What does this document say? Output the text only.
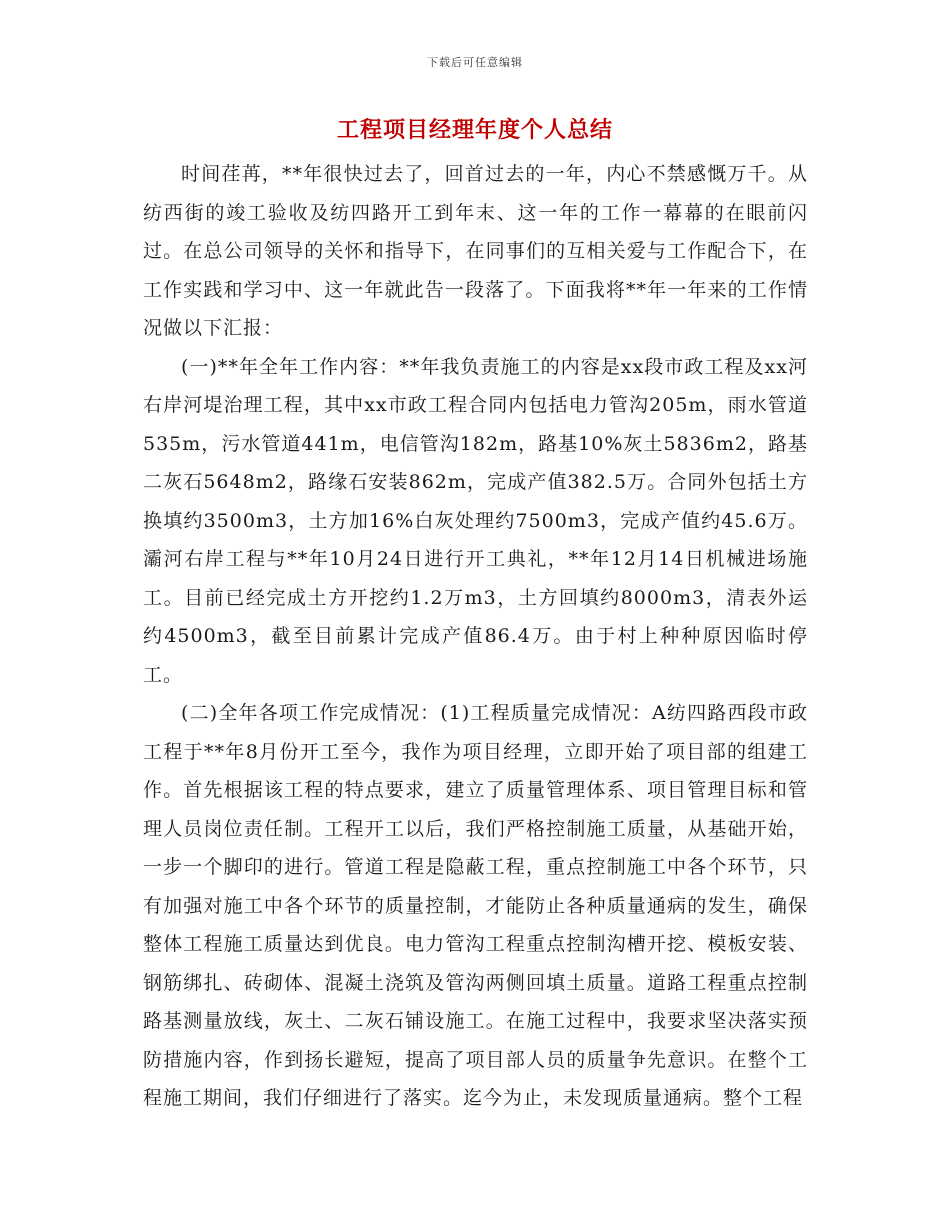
下载后可任意编辑
工程项目经理年度个人总结

时间荏苒，**年很快过去了，回首过去的一年，内心不禁感慨万千。从纺西街的竣工验收及纺四路开工到年末、这一年的工作一幕幕的在眼前闪过。在总公司领导的关怀和指导下，在同事们的互相关爱与工作配合下，在工作实践和学习中、这一年就此告一段落了。下面我将**年一年来的工作情况做以下汇报：

(一)**年全年工作内容：**年我负责施工的内容是xx段市政工程及xx河右岸河堤治理工程，其中xx市政工程合同内包括电力管沟205m，雨水管道535m，污水管道441m，电信管沟182m，路基10%灰土5836m2，路基二灰石5648m2，路缘石安装862m，完成产值382.5万。合同外包括土方换填约3500m3，土方加16%白灰处理约7500m3，完成产值约45.6万。灞河右岸工程与**年10月24日进行开工典礼，**年12月14日机械进场施工。目前已经完成土方开挖约1.2万m3，土方回填约8000m3，清表外运约4500m3，截至目前累计完成产值86.4万。由于村上种种原因临时停工。

(二)全年各项工作完成情况：(1)工程质量完成情况：A纺四路西段市政工程于**年8月份开工至今，我作为项目经理，立即开始了项目部的组建工作。首先根据该工程的特点要求，建立了质量管理体系、项目管理目标和管理人员岗位责任制。工程开工以后，我们严格控制施工质量，从基础开始，一步一个脚印的进行。管道工程是隐蔽工程，重点控制施工中各个环节，只有加强对施工中各个环节的质量控制，才能防止各种质量通病的发生，确保整体工程施工质量达到优良。电力管沟工程重点控制沟槽开挖、模板安装、钢筋绑扎、砖砌体、混凝土浇筑及管沟两侧回填土质量。道路工程重点控制路基测量放线，灰土、二灰石铺设施工。在施工过程中，我要求坚决落实预防措施内容，作到扬长避短，提高了项目部人员的质量争先意识。在整个工程施工期间，我们仔细进行了落实。迄今为止，未发现质量通病。整个工程
